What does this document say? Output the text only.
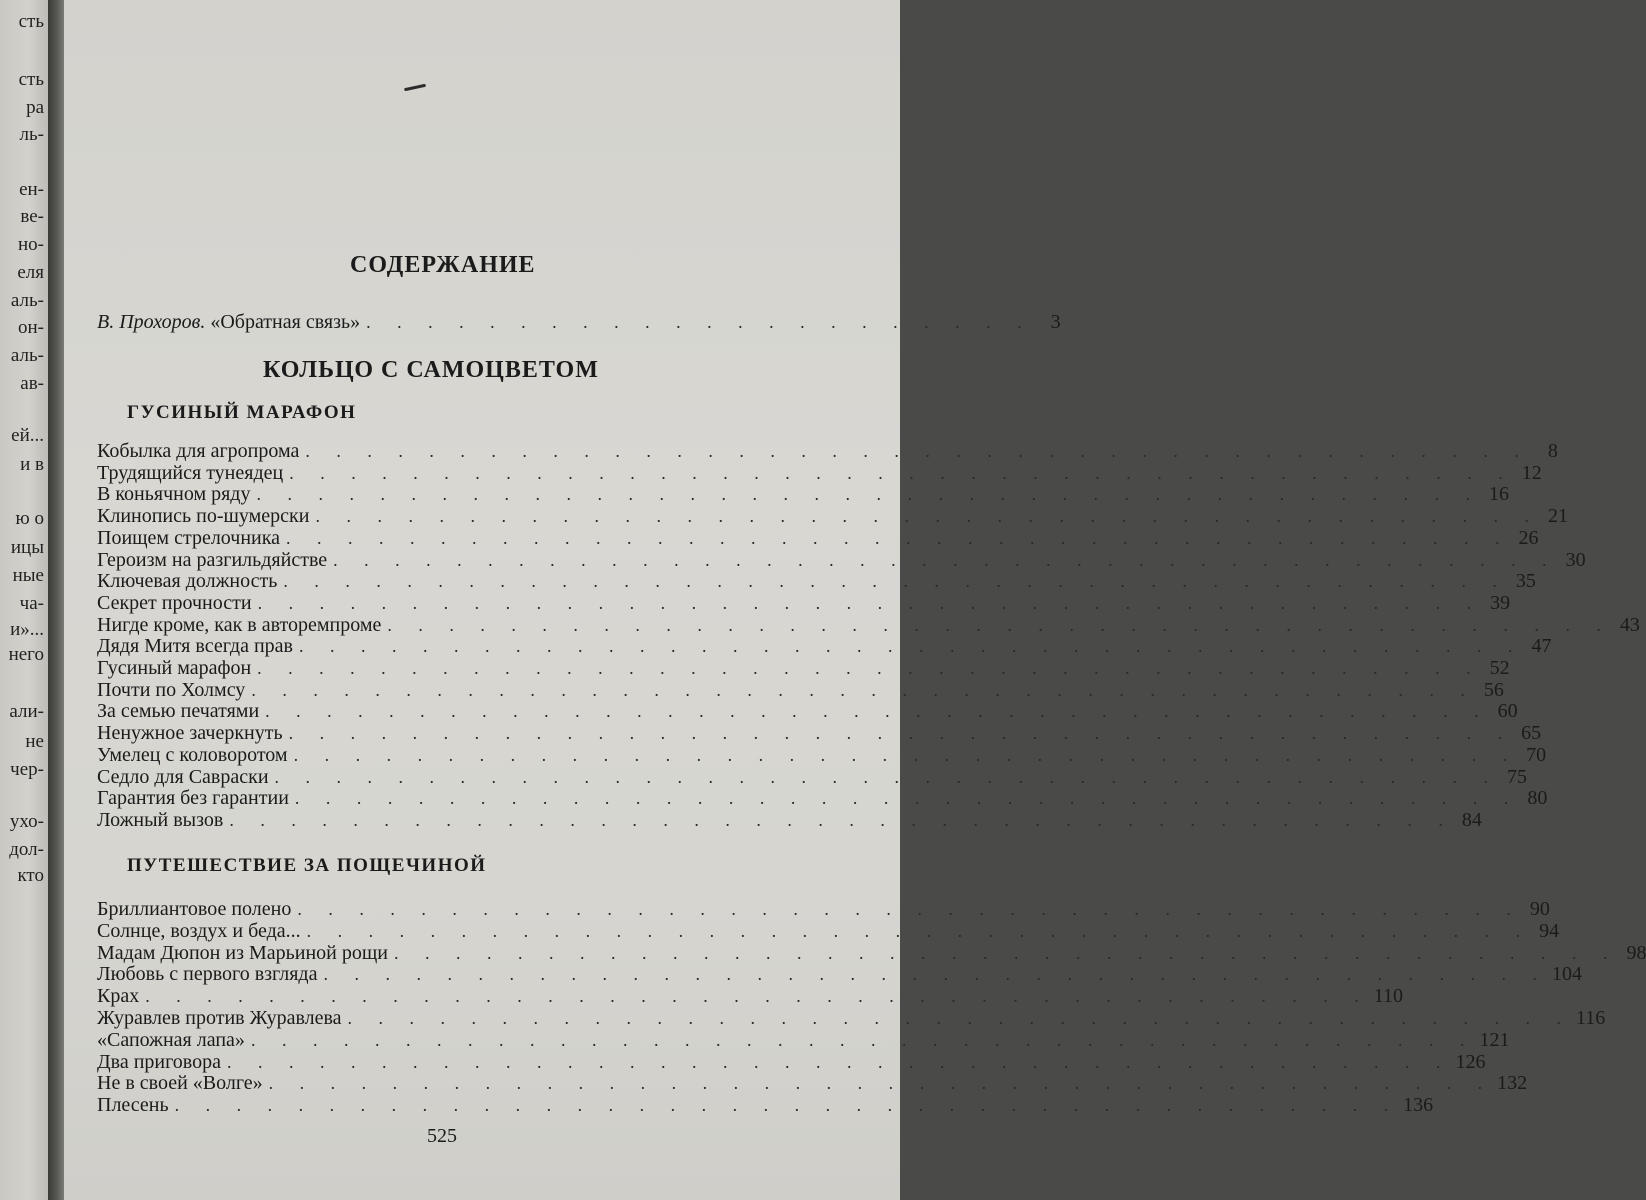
сть
сть
ра
ль-
ен-
ве-
но-
еля
аль-
он-
аль-
ав-
ей...
и в
ю о
ицы
ные
ча-
и»...
него
али-
не
чер-
ухо-
дол-
кто
СОДЕРЖАНИЕ
В. Прохоров. «Обратная связь» . . . . . . . . . . . . . . . . . . . . . . 3
КОЛЬЦО С САМОЦВЕТОМ
ГУСИНЫЙ МАРАФОН
Кобылка для агропрома . . . . . . . . . . . . . . . . . . . . . . . . . . . . . . . . . . . . . . . . 8
Трудящийся тунеядец . . . . . . . . . . . . . . . . . . . . . . . . . . . . . . . . . . . . . . . . 12
В коньячном ряду . . . . . . . . . . . . . . . . . . . . . . . . . . . . . . . . . . . . . . . . 16
Клинопись по-шумерски . . . . . . . . . . . . . . . . . . . . . . . . . . . . . . . . . . . . . . . . 21
Поищем стрелочника . . . . . . . . . . . . . . . . . . . . . . . . . . . . . . . . . . . . . . . . 26
Героизм на разгильдяйстве . . . . . . . . . . . . . . . . . . . . . . . . . . . . . . . . . . . . . . . . 30
Ключевая должность . . . . . . . . . . . . . . . . . . . . . . . . . . . . . . . . . . . . . . . . 35
Секрет прочности . . . . . . . . . . . . . . . . . . . . . . . . . . . . . . . . . . . . . . . . 39
Нигде кроме, как в авторемпроме . . . . . . . . . . . . . . . . . . . . . . . . . . . . . . . . . . . . . . . . 43
Дядя Митя всегда прав . . . . . . . . . . . . . . . . . . . . . . . . . . . . . . . . . . . . . . . . 47
Гусиный марафон . . . . . . . . . . . . . . . . . . . . . . . . . . . . . . . . . . . . . . . . 52
Почти по Холмсу . . . . . . . . . . . . . . . . . . . . . . . . . . . . . . . . . . . . . . . . 56
За семью печатями . . . . . . . . . . . . . . . . . . . . . . . . . . . . . . . . . . . . . . . . 60
Ненужное зачеркнуть . . . . . . . . . . . . . . . . . . . . . . . . . . . . . . . . . . . . . . . . 65
Умелец с коловоротом . . . . . . . . . . . . . . . . . . . . . . . . . . . . . . . . . . . . . . . . 70
Седло для Савраски . . . . . . . . . . . . . . . . . . . . . . . . . . . . . . . . . . . . . . . . 75
Гарантия без гарантии . . . . . . . . . . . . . . . . . . . . . . . . . . . . . . . . . . . . . . . . 80
Ложный вызов . . . . . . . . . . . . . . . . . . . . . . . . . . . . . . . . . . . . . . . . 84
ПУТЕШЕСТВИЕ ЗА ПОЩЕЧИНОЙ
Бриллиантовое полено . . . . . . . . . . . . . . . . . . . . . . . . . . . . . . . . . . . . . . . . 90
Солнце, воздух и беда... . . . . . . . . . . . . . . . . . . . . . . . . . . . . . . . . . . . . . . . . 94
Мадам Дюпон из Марьиной рощи . . . . . . . . . . . . . . . . . . . . . . . . . . . . . . . . . . . . . . . . 98
Любовь с первого взгляда . . . . . . . . . . . . . . . . . . . . . . . . . . . . . . . . . . . . . . . . 104
Крах . . . . . . . . . . . . . . . . . . . . . . . . . . . . . . . . . . . . . . . . 110
Журавлев против Журавлева . . . . . . . . . . . . . . . . . . . . . . . . . . . . . . . . . . . . . . . . 116
«Сапожная лапа» . . . . . . . . . . . . . . . . . . . . . . . . . . . . . . . . . . . . . . . . 121
Два приговора . . . . . . . . . . . . . . . . . . . . . . . . . . . . . . . . . . . . . . . . 126
Не в своей «Волге» . . . . . . . . . . . . . . . . . . . . . . . . . . . . . . . . . . . . . . . . 132
Плесень . . . . . . . . . . . . . . . . . . . . . . . . . . . . . . . . . . . . . . . . 136
525
